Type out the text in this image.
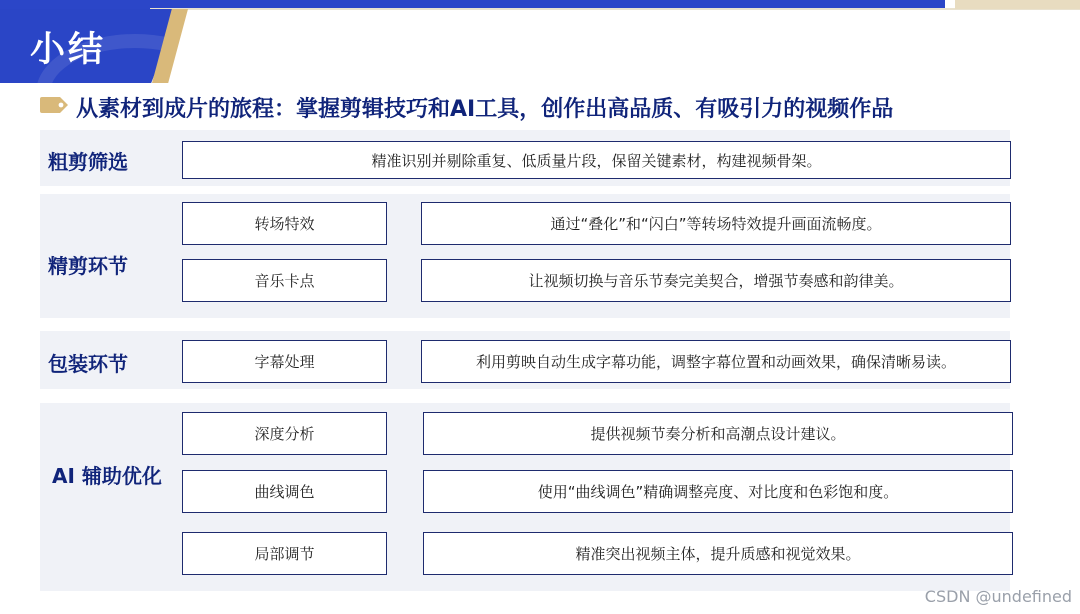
小结
从素材到成片的旅程：掌握剪辑技巧和AI工具，创作出高品质、有吸引力的视频作品
粗剪筛选	精准识别并剔除重复、低质量片段，保留关键素材，构建视频骨架。
精剪环节
转场特效	通过“叠化”和“闪白”等转场特效提升画面流畅度。
音乐卡点	让视频切换与音乐节奏完美契合，增强节奏感和韵律美。
包装环节	字幕处理	利用剪映自动生成字幕功能，调整字幕位置和动画效果，确保清晰易读。
AI 辅助优化
深度分析	提供视频节奏分析和高潮点设计建议。
曲线调色	使用“曲线调色”精确调整亮度、对比度和色彩饱和度。
局部调节	精准突出视频主体，提升质感和视觉效果。
CSDN @undefined
